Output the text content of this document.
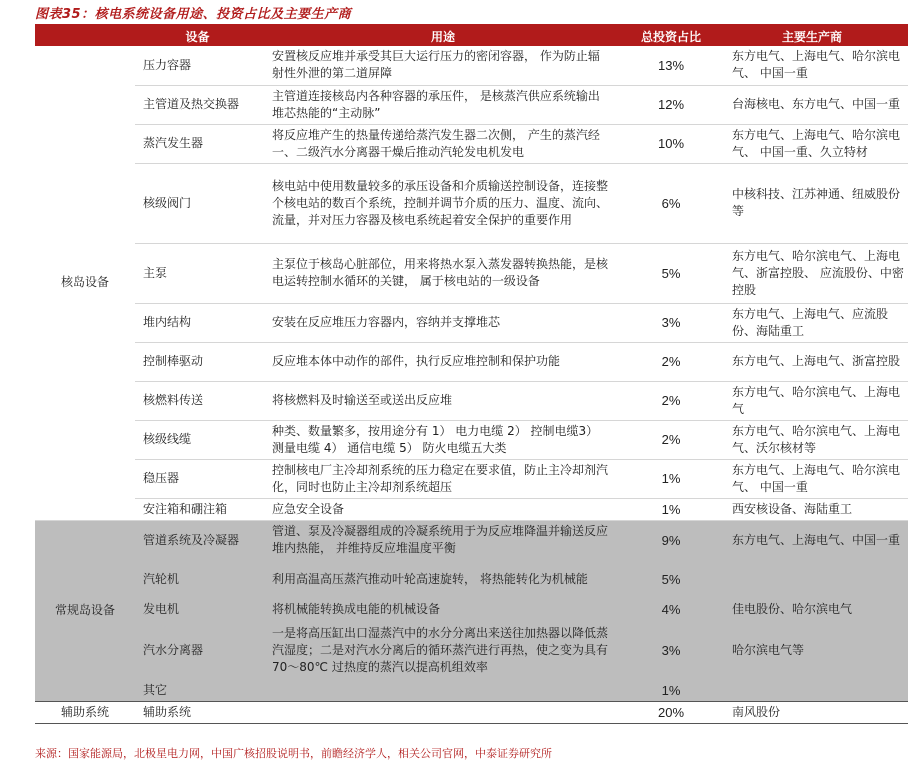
图表35：核电系统设备用途、投资占比及主要生产商
	设备	用途	总投资占比	主要生产商
核岛设备	压力容器	安置核反应堆并承受其巨大运行压力的密闭容器， 作为防止辐射性外泄的第二道屏障	13%	东方电气、上海电气、哈尔滨电气、 中国一重
	主管道及热交换器	主管道连接核岛内各种容器的承压件， 是核蒸汽供应系统输出堆芯热能的“主动脉”	12%	台海核电、东方电气、中国一重
	蒸汽发生器	将反应堆产生的热量传递给蒸汽发生器二次侧， 产生的蒸汽经一、二级汽水分离器干燥后推动汽轮发电机发电	10%	东方电气、上海电气、哈尔滨电气、 中国一重、久立特材
	核级阀门	核电站中使用数量较多的承压设备和介质输送控制设备，连接整个核电站的数百个系统，控制并调节介质的压力、温度、流向、流量，并对压力容器及核电系统起着安全保护的重要作用	6%	中核科技、江苏神通、纽威股份等
	主泵	主泵位于核岛心脏部位，用来将热水泵入蒸发器转换热能，是核电运转控制水循环的关键， 属于核电站的一级设备	5%	东方电气、哈尔滨电气、上海电气、浙富控股、 应流股份、中密控股
	堆内结构	安装在反应堆压力容器内，容纳并支撑堆芯	3%	东方电气、上海电气、应流股份、海陆重工
	控制棒驱动	反应堆本体中动作的部件，执行反应堆控制和保护功能	2%	东方电气、上海电气、浙富控股
	核燃料传送	将核燃料及时输送至或送出反应堆	2%	东方电气、哈尔滨电气、上海电气
	核级线缆	种类、数量繁多，按用途分有 1） 电力电缆 2） 控制电缆3） 测量电缆 4） 通信电缆 5） 防火电缆五大类	2%	东方电气、哈尔滨电气、上海电气、沃尔核材等
	稳压器	控制核电厂主冷却剂系统的压力稳定在要求值，防止主冷却剂汽化，同时也防止主冷却剂系统超压	1%	东方电气、上海电气、哈尔滨电气、 中国一重
	安注箱和硼注箱	应急安全设备	1%	西安核设备、海陆重工
常规岛设备	管道系统及冷凝器	管道、泵及冷凝器组成的冷凝系统用于为反应堆降温并输送反应堆内热能， 并维持反应堆温度平衡	9%	东方电气、上海电气、中国一重
	汽轮机	利用高温高压蒸汽推动叶轮高速旋转， 将热能转化为机械能	5%	
	发电机	将机械能转换成电能的机械设备	4%	佳电股份、哈尔滨电气
	汽水分离器	一是将高压缸出口湿蒸汽中的水分分离出来送往加热器以降低蒸汽湿度；二是对汽水分离后的循环蒸汽进行再热，使之变为具有 70～80℃ 过热度的蒸汽以提高机组效率	3%	哈尔滨电气等
	其它		1%	
辅助系统	辅助系统		20%	南风股份
来源：国家能源局，北极星电力网，中国广核招股说明书，前瞻经济学人，相关公司官网，中泰证券研究所
